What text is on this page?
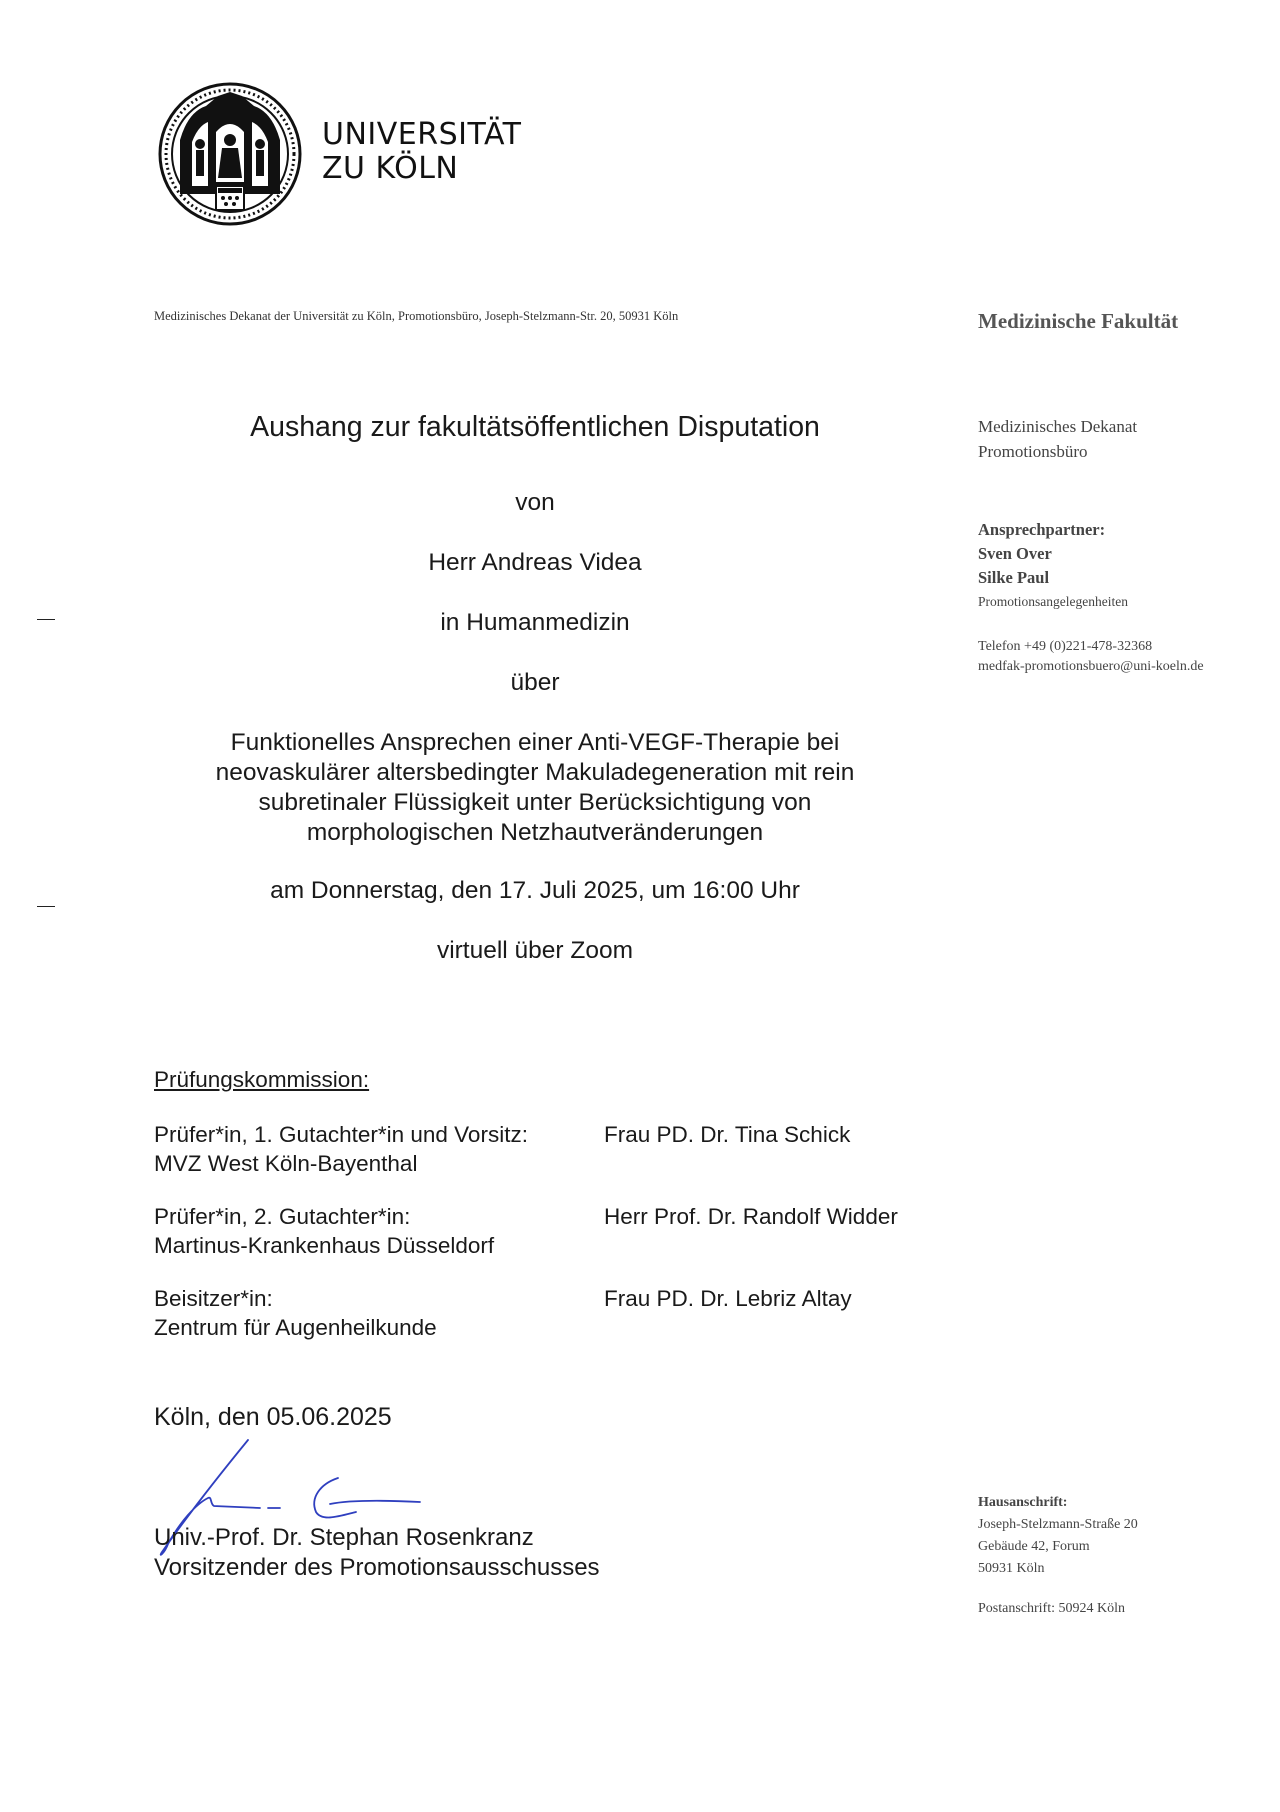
UNIVERSITÄT
ZU KÖLN
Medizinisches Dekanat der Universität zu Köln, Promotionsbüro, Joseph-Stelzmann-Str. 20, 50931 Köln
Aushang zur fakultätsöffentlichen Disputation
von
Herr Andreas Videa
in Humanmedizin
über
Funktionelles Ansprechen einer Anti-VEGF-Therapie bei
neovaskulärer altersbedingter Makuladegeneration mit rein
subretinaler Flüssigkeit unter Berücksichtigung von
morphologischen Netzhautveränderungen
am Donnerstag, den 17. Juli 2025, um 16:00 Uhr
virtuell über Zoom
Prüfungskommission:
Prüfer*in, 1. Gutachter*in und Vorsitz:
MVZ West Köln-Bayenthal
Frau PD. Dr. Tina Schick
Prüfer*in, 2. Gutachter*in:
Martinus-Krankenhaus Düsseldorf
Herr Prof. Dr. Randolf Widder
Beisitzer*in:
Zentrum für Augenheilkunde
Frau PD. Dr. Lebriz Altay
Köln, den 05.06.2025
Univ.-Prof. Dr. Stephan Rosenkranz
Vorsitzender des Promotionsausschusses
Medizinische Fakultät
Medizinisches Dekanat
Promotionsbüro
Ansprechpartner:
Sven Over
Silke Paul
Promotionsangelegenheiten
Telefon +49 (0)221-478-32368
medfak-promotionsbuero@uni-koeln.de
Hausanschrift:
Joseph-Stelzmann-Straße 20
Gebäude 42, Forum
50931 Köln
Postanschrift: 50924 Köln
